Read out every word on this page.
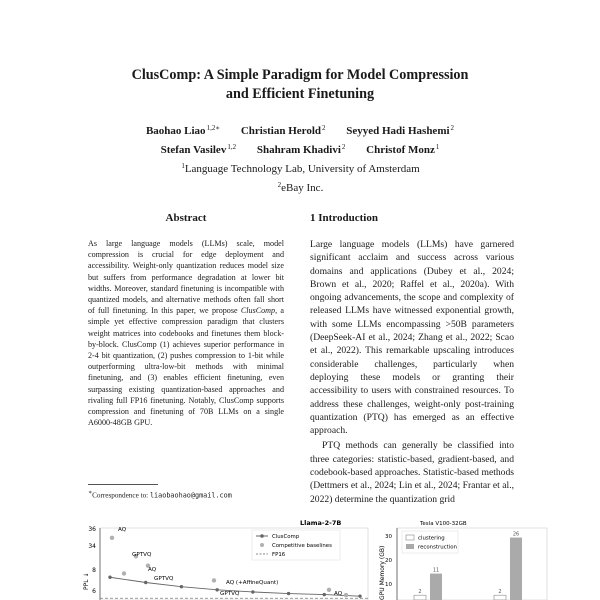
ClusComp: A Simple Paradigm for Model Compression
and Efficient Finetuning
Baohao Liao$^{1,2∗}$ Christian Herold$^2$ Seyyed Hadi Hashemi$^2$
Stefan Vasilev$^{1,2}$ Shahram Khadivi$^2$ Christof Monz$^1$
$^1$Language Technology Lab, University of Amsterdam
$^2$eBay Inc.
Abstract
As large language models (LLMs) scale, model compression is crucial for edge deployment and accessibility. Weight-only quantization reduces model size but suffers from performance degradation at lower bit widths. Moreover, standard finetuning is incompatible with quantized models, and alternative methods often fall short of full finetuning. In this paper, we propose ClusComp, a simple yet effective compression paradigm that clusters weight matrices into codebooks and finetunes them block-by-block. ClusComp (1) achieves superior performance in 2-4 bit quantization, (2) pushes compression to 1-bit while outperforming ultra-low-bit methods with minimal finetuning, and (3) enables efficient finetuning, even surpassing existing quantization-based approaches and rivaling full FP16 finetuning. Notably, ClusComp supports compression and finetuning of 70B LLMs on a single A6000-48GB GPU.
∗Correspondence to: liaobaohao@gmail.com
1 Introduction

Large language models (LLMs) have garnered significant acclaim and success across various domains and applications (Dubey et al., 2024; Brown et al., 2020; Raffel et al., 2020a). With ongoing advancements, the scope and complexity of released LLMs have witnessed exponential growth, with some LLMs encompassing >50B parameters (DeepSeek-AI et al., 2024; Zhang et al., 2022; Scao et al., 2022). This remarkable upscaling introduces considerable challenges, particularly when deploying these models or granting their accessibility to users with constrained resources. To address these challenges, weight-only post-training quantization (PTQ) has emerged as an effective approach.

PTQ methods can generally be classified into three categories: statistic-based, gradient-based, and codebook-based approaches. Statistic-based methods (Dettmers et al., 2024; Lin et al., 2024; Frantar et al., 2022) determine the quantization grid

36
34
8
6
PPL ↓
Llama-2-7B
ClusComp
Competitive baselines
FP16
AQ
GPTVQ
AQ
GPTVQ
AQ (+AffineQuant)
GPTVQ	AQ
Tesla V100-32GB
30
20
10
GPU Memory (GB)
clustering
reconstruction
2
11
2
26
